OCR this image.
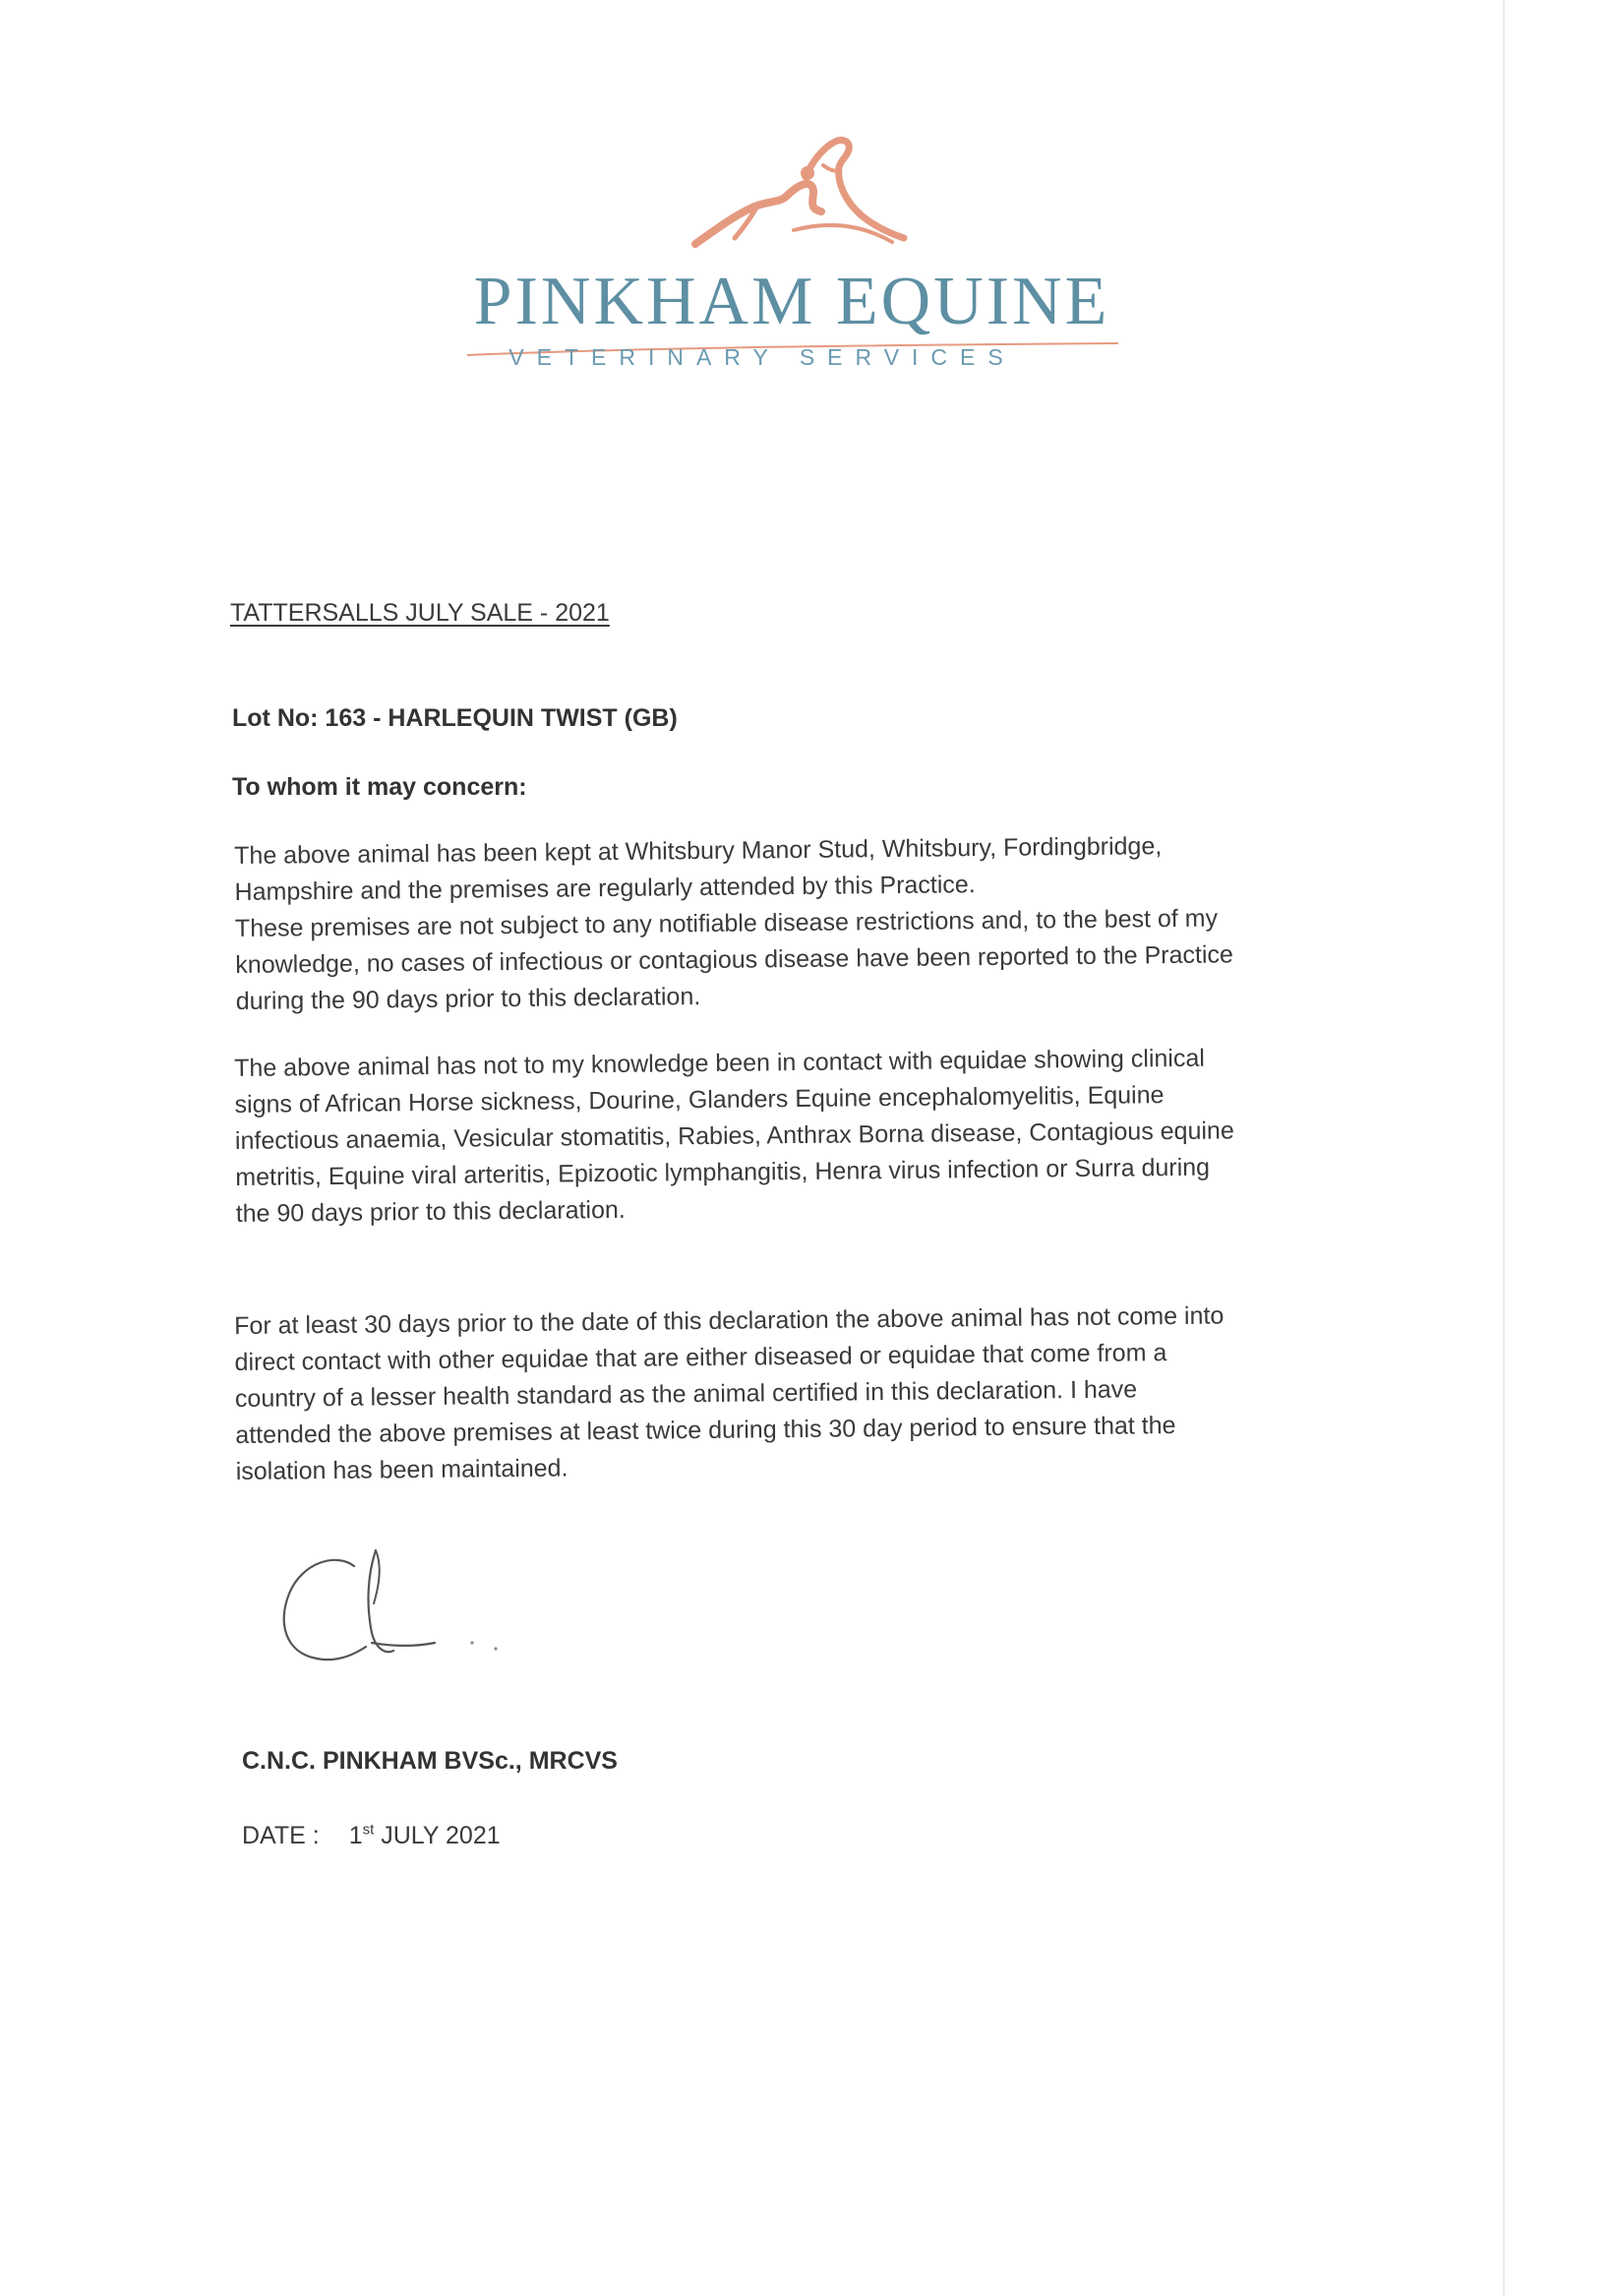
PINKHAM EQUINE
VETERINARY SERVICES
TATTERSALLS JULY SALE - 2021
Lot No: 163 - HARLEQUIN TWIST (GB)
To whom it may concern:

The above animal has been kept at Whitsbury Manor Stud, Whitsbury, Fordingbridge,

Hampshire and the premises are regularly attended by this Practice.

These premises are not subject to any notifiable disease restrictions and, to the best of my

knowledge, no cases of infectious or contagious disease have been reported to the Practice

during the 90 days prior to this declaration.

The above animal has not to my knowledge been in contact with equidae showing clinical

signs of African Horse sickness, Dourine, Glanders Equine encephalomyelitis, Equine

infectious anaemia, Vesicular stomatitis, Rabies, Anthrax Borna disease, Contagious equine

metritis, Equine viral arteritis, Epizootic lymphangitis, Henra virus infection or Surra during

the 90 days prior to this declaration.

For at least 30 days prior to the date of this declaration the above animal has not come into

direct contact with other equidae that are either diseased or equidae that come from a

country of a lesser health standard as the animal certified in this declaration. I have

attended the above premises at least twice during this 30 day period to ensure that the

isolation has been maintained.

C.N.C. PINKHAM BVSc., MRCVS
DATE : 1st JULY 2021
